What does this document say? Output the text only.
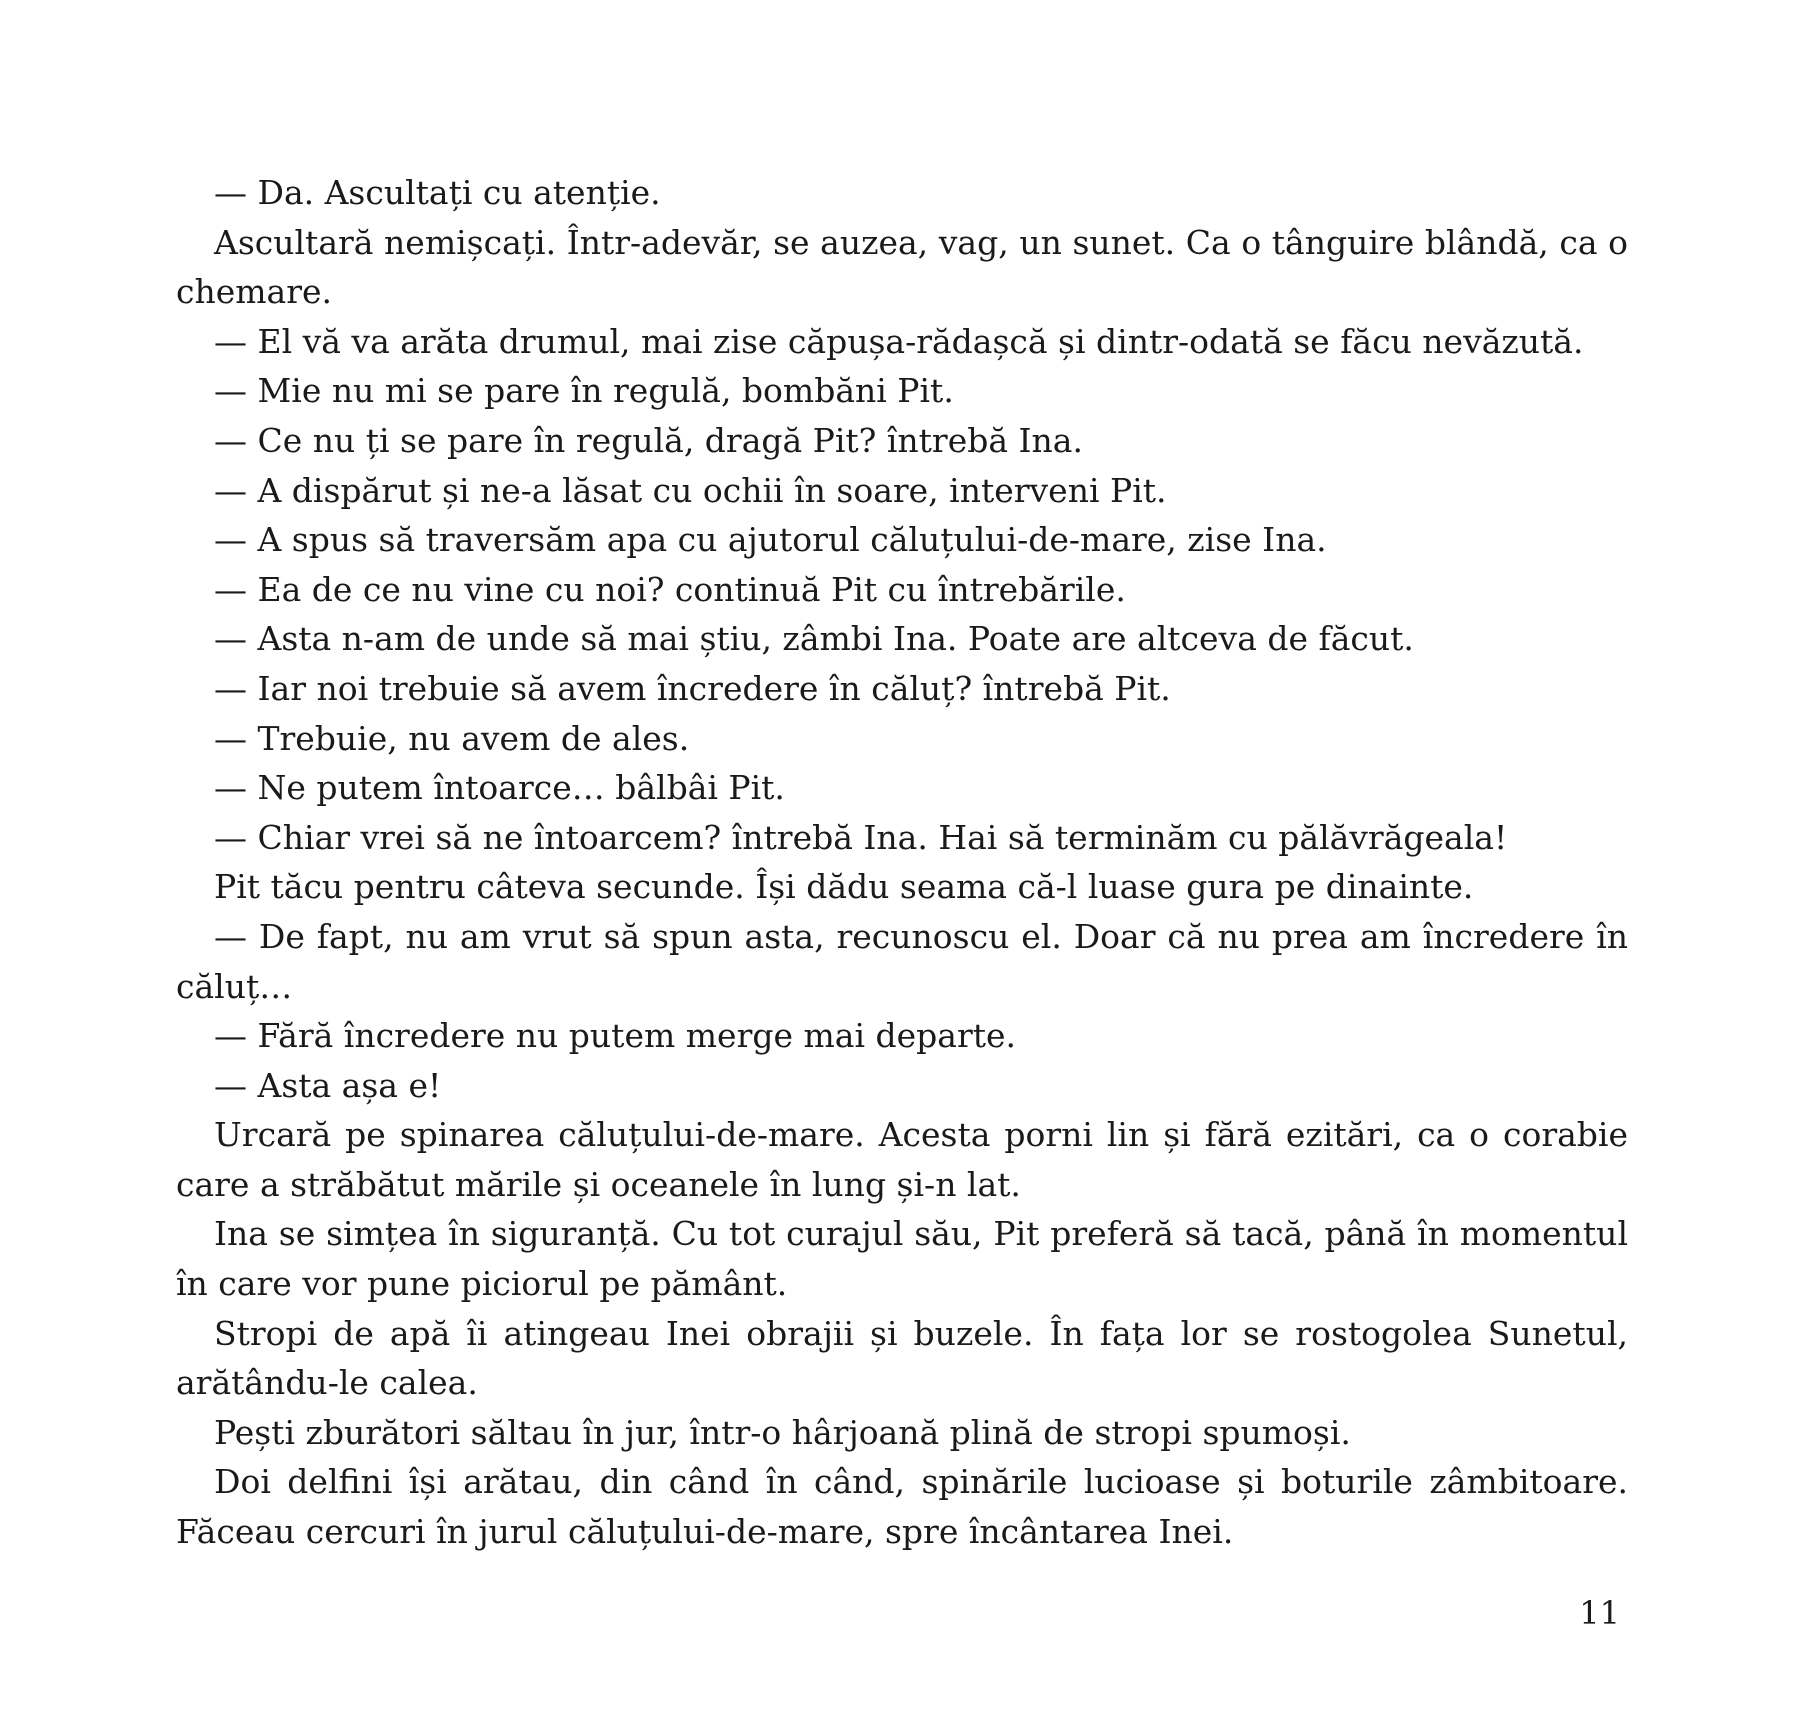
— Da. Ascultați cu atenție.

Ascultară nemișcați. Într-adevăr, se auzea, vag, un sunet. Ca o tânguire blândă, ca o chemare.

— El vă va arăta drumul, mai zise căpușa-rădașcă și dintr-odată se făcu nevăzută.

— Mie nu mi se pare în regulă, bombăni Pit.

— Ce nu ți se pare în regulă, dragă Pit? întrebă Ina.

— A dispărut și ne-a lăsat cu ochii în soare, interveni Pit.

— A spus să traversăm apa cu ajutorul căluțului-de-mare, zise Ina.

— Ea de ce nu vine cu noi? continuă Pit cu întrebările.

— Asta n-am de unde să mai știu, zâmbi Ina. Poate are altceva de făcut.

— Iar noi trebuie să avem încredere în căluț? întrebă Pit.

— Trebuie, nu avem de ales.

— Ne putem întoarce… bâlbâi Pit.

— Chiar vrei să ne întoarcem? întrebă Ina. Hai să terminăm cu pălăvrăgeala!

Pit tăcu pentru câteva secunde. Își dădu seama că-l luase gura pe dinainte.

— De fapt, nu am vrut să spun asta, recunoscu el. Doar că nu prea am încredere în căluț…

— Fără încredere nu putem merge mai departe.

— Asta așa e!

Urcară pe spinarea căluțului-de-mare. Acesta porni lin și fără ezitări, ca o corabie care a străbătut mările și oceanele în lung și-n lat.

Ina se simțea în siguranță. Cu tot curajul său, Pit preferă să tacă, până în momentul în care vor pune piciorul pe pământ.

Stropi de apă îi atingeau Inei obrajii și buzele. În fața lor se rostogolea Sunetul, arătându-le calea.

Pești zburători săltau în jur, într-o hârjoană plină de stropi spumoși.

Doi delfini își arătau, din când în când, spinările lucioase și boturile zâmbitoare. Făceau cercuri în jurul căluțului-de-mare, spre încântarea Inei.

11
